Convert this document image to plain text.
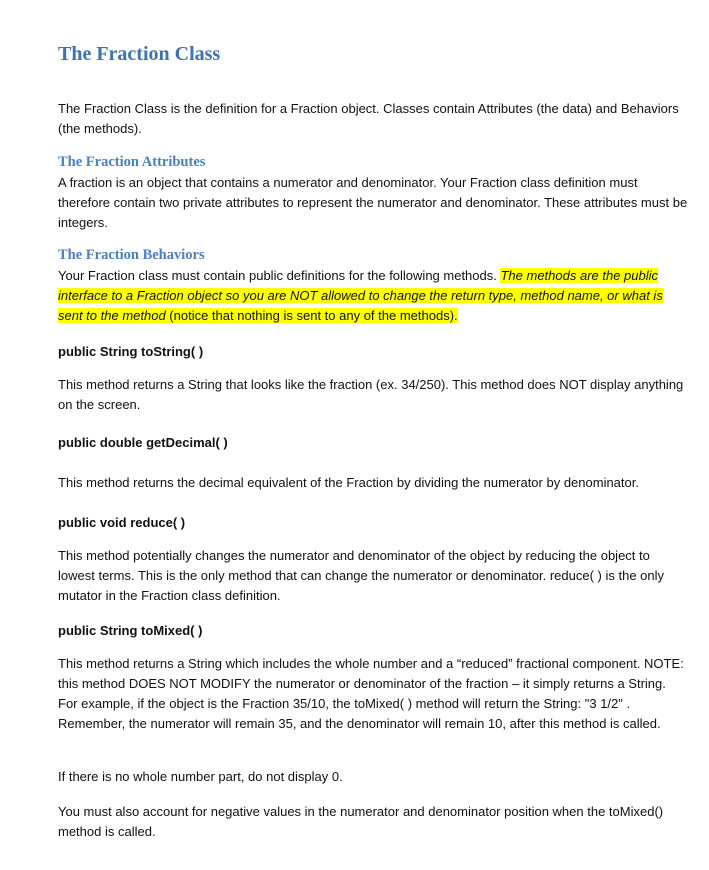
The Fraction Class

The Fraction Class is the definition for a Fraction object. Classes contain Attributes (the data) and Behaviors (the methods).

The Fraction Attributes

A fraction is an object that contains a numerator and denominator. Your Fraction class definition must therefore contain two private attributes to represent the numerator and denominator. These attributes must be integers.

The Fraction Behaviors

Your Fraction class must contain public definitions for the following methods. The methods are the public interface to a Fraction object so you are NOT allowed to change the return type, method name, or what is sent to the method (notice that nothing is sent to any of the methods).

public String toString( )

This method returns a String that looks like the fraction (ex. 34/250). This method does NOT display anything on the screen.

public double getDecimal( )

This method returns the decimal equivalent of the Fraction by dividing the numerator by denominator.

public void reduce( )

This method potentially changes the numerator and denominator of the object by reducing the object to lowest terms. This is the only method that can change the numerator or denominator. reduce( ) is the only mutator in the Fraction class definition.

public String toMixed( )

This method returns a String which includes the whole number and a “reduced” fractional component. NOTE: this method DOES NOT MODIFY the numerator or denominator of the fraction – it simply returns a String. For example, if the object is the Fraction 35/10, the toMixed( ) method will return the String: "3 1/2" . Remember, the numerator will remain 35, and the denominator will remain 10, after this method is called.

If there is no whole number part, do not display 0.

You must also account for negative values in the numerator and denominator position when the toMixed() method is called.
